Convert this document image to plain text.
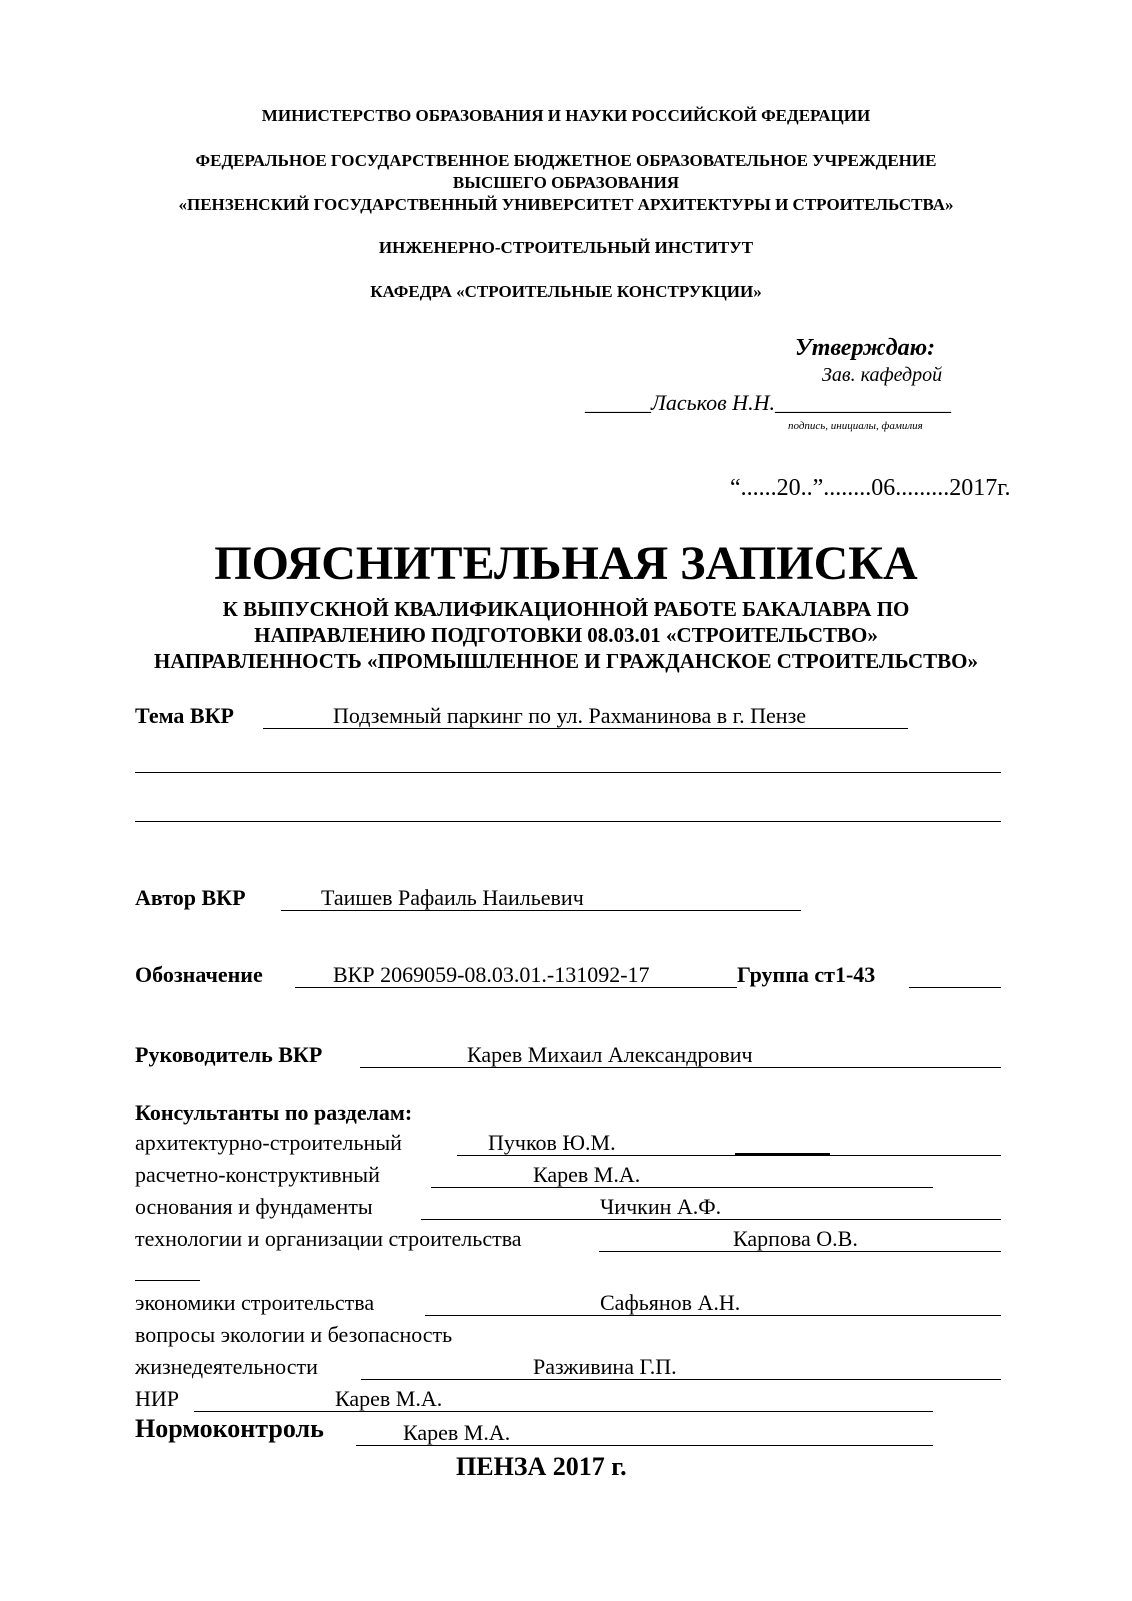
МИНИСТЕРСТВО ОБРАЗОВАНИЯ И НАУКИ РОССИЙСКОЙ ФЕДЕРАЦИИ
ФЕДЕРАЛЬНОЕ ГОСУДАРСТВЕННОЕ БЮДЖЕТНОЕ ОБРАЗОВАТЕЛЬНОЕ УЧРЕЖДЕНИЕ
ВЫСШЕГО ОБРАЗОВАНИЯ
«ПЕНЗЕНСКИЙ ГОСУДАРСТВЕННЫЙ УНИВЕРСИТЕТ АРХИТЕКТУРЫ И СТРОИТЕЛЬСТВА»
ИНЖЕНЕРНО-СТРОИТЕЛЬНЫЙ ИНСТИТУТ
КАФЕДРА «СТРОИТЕЛЬНЫЕ КОНСТРУКЦИИ»
Утверждаю:
Зав. кафедрой
______Ласьков Н.Н.________________
подпись, инициалы, фамилия
“......20..”........06.........2017г.
ПОЯСНИТЕЛЬНАЯ ЗАПИСКА
К ВЫПУСКНОЙ КВАЛИФИКАЦИОННОЙ РАБОТЕ БАКАЛАВРА ПО
НАПРАВЛЕНИЮ ПОДГОТОВКИ 08.03.01 «СТРОИТЕЛЬСТВО»
НАПРАВЛЕННОСТЬ «ПРОМЫШЛЕННОЕ И ГРАЖДАНСКОЕ СТРОИТЕЛЬСТВО»
Тема ВКР	Подземный паркинг по ул. Рахманинова в г. Пензе
Автор ВКР	Таишев Рафаиль Наильевич
Обозначение	ВКР 2069059-08.03.01.-131092-17	Группа ст1-43
Руководитель ВКР	Карев Михаил Александрович
Консультанты по разделам:
архитектурно-строительный	Пучков Ю.М.
расчетно-конструктивный	Карев М.А.
основания и фундаменты	Чичкин А.Ф.
технологии и организации строительства	Карпова О.В.
экономики строительства	Сафьянов А.Н.
вопросы экологии и безопасность
жизнедеятельности	Разживина Г.П.
НИР	Карев М.А.
Нормоконтроль	Карев М.А.
ПЕНЗА 2017 г.
